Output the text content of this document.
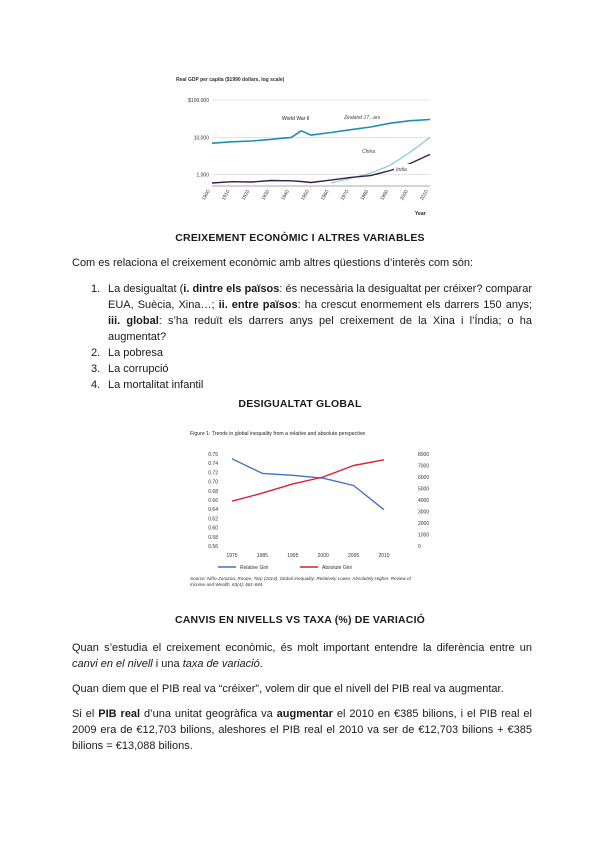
Real GDP per capita ($1990 dollars, log scale)
$100,000
10,000
1,000
1900 1910 1920 1930 1940 1950 1960 1970 1980 1990 2000 2010
World War II
Year
Zealand 17 ..ars
China
India
CREIXEMENT ECONÒMIC I ALTRES VARIABLES
Com es relaciona el creixement econòmic amb altres qüestions d’interès com són:
1. La desigualtat (i. dintre els països: és necessària la desigualtat per créixer? comparar EUA, Suècia, Xina…; ii. entre països: ha crescut enormement els darrers 150 anys; iii. global: s’ha reduït els darrers anys pel creixement de la Xina i l’Índia; o ha augmentat?
2. La pobresa
3. La corrupció
4. La mortalitat infantil
DESIGUALTAT GLOBAL
Figure 1: Trends in global inequality from a relative and absolute perspective
0.75
0.74
0.72
0.70
0.68
0.66
0.64
0.62
0.60
0.58
0.56
8000
7000
6000
5000
4000
3000
2000
1000
0
1975	1985	1995	2000	2005	2010
Relative Gini	Absolute Gini
Source: Niño-Zarazúa, Roope, Tarp (2014). Global Inequality: Relatively Lower, Absolutely Higher. Review of Income and Wealth, 63(4): 661-684.
CANVIS EN NIVELLS VS TAXA (%) DE VARIACIÓ
Quan s’estudia el creixement econòmic, és molt important entendre la diferència entre un canvi en el nivell i una taxa de variació.
Quan diem que el PIB real va “créixer”, volem dir que el nivell del PIB real va augmentar.
Si el PIB real d’una unitat geogràfica va augmentar el 2010 en €385 bilions, i el PIB real el 2009 era de €12,703 bilions, aleshores el PIB real el 2010 va ser de €12,703 bilions + €385 bilions = €13,088 bilions.
